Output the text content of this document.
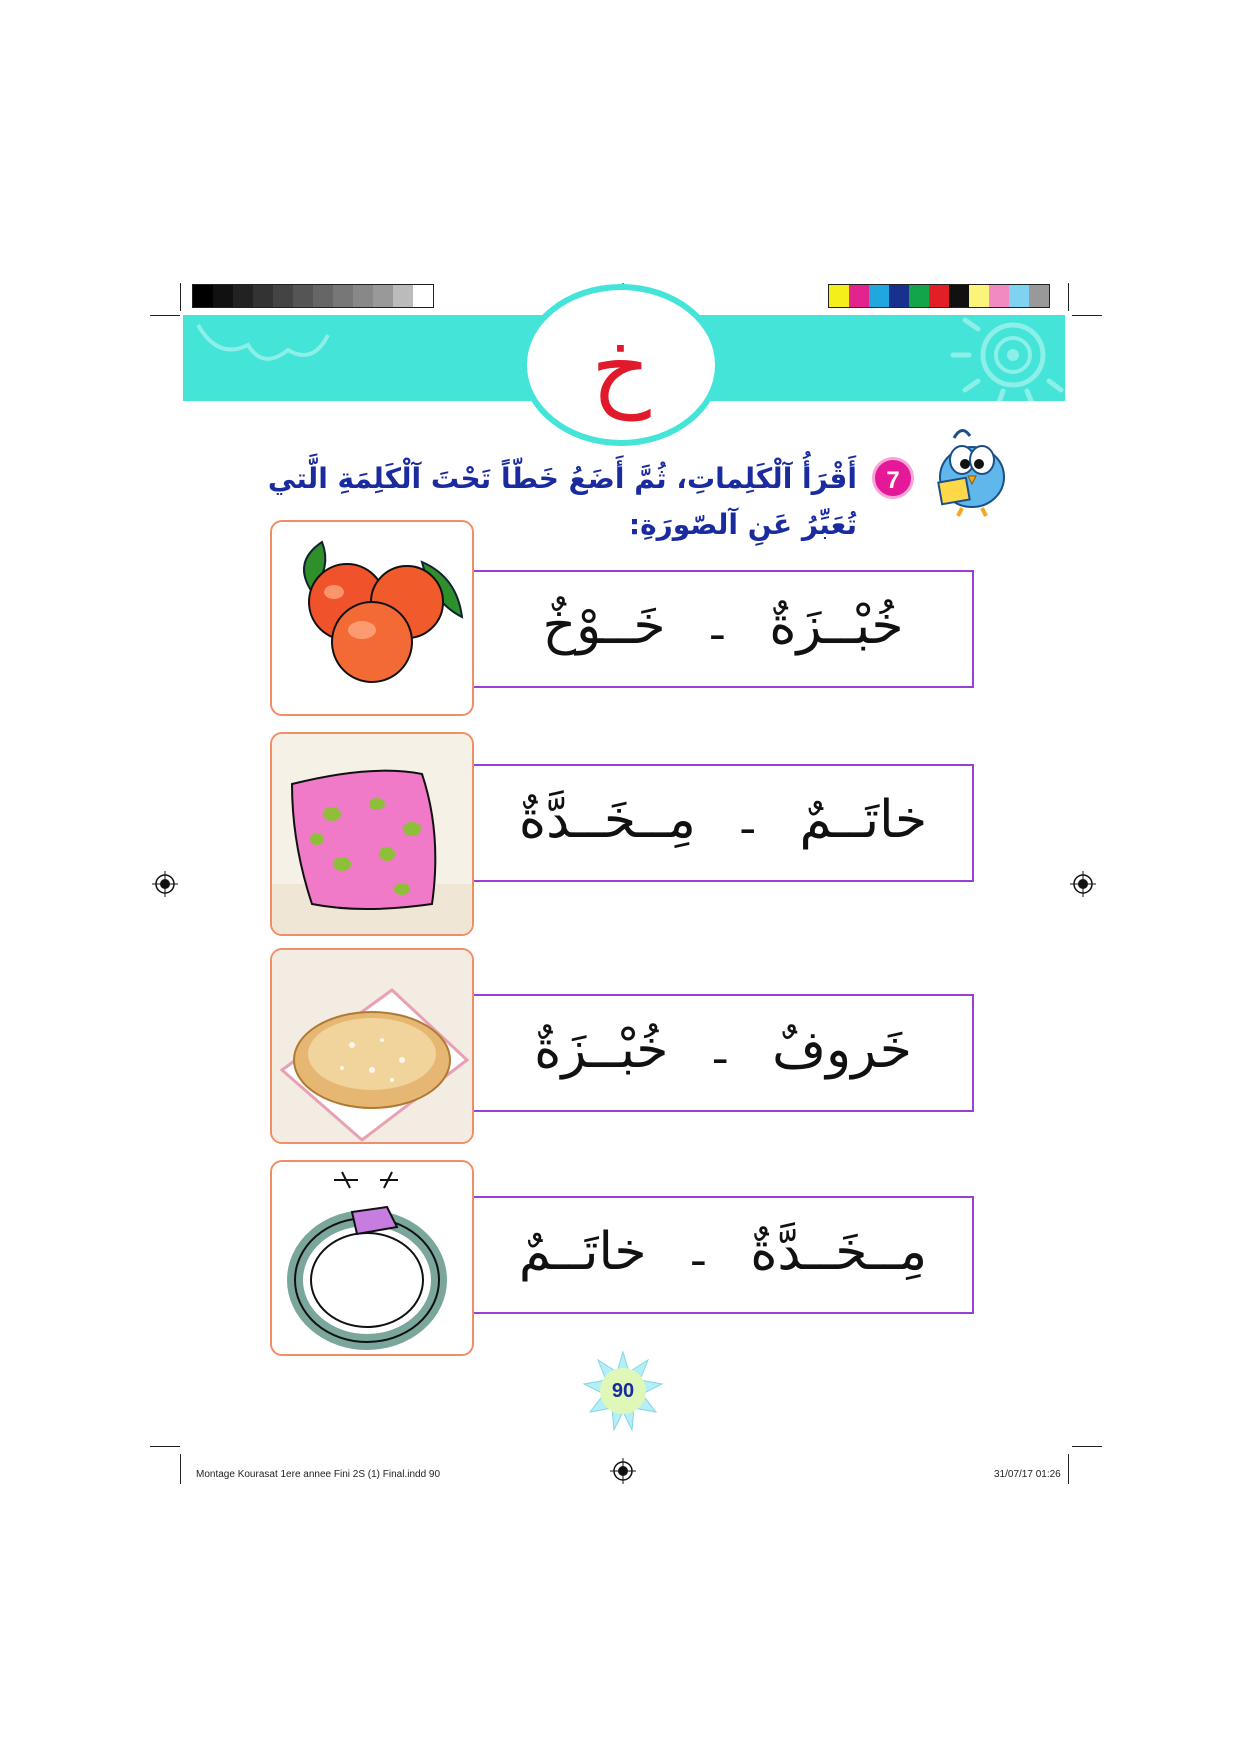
خ
7
أَقْرَأُ آلْكَلِماتِ، ثُمَّ أَضَعُ خَطّاً تَحْتَ آلْكَلِمَةِ الَّتي تُعَبِّرُ عَنِ آلصّورَةِ:
خُبْــزَةٌ
ـ
خَــوْخٌ
خاتَــمٌ
ـ
مِــخَــدَّةٌ
خَروفٌ
ـ
خُبْــزَةٌ
مِــخَــدَّةٌ
ـ
خاتَــمٌ
90
Montage Kourasat 1ere annee Fini 2S (1) Final.indd 90	31/07/17 01:26
